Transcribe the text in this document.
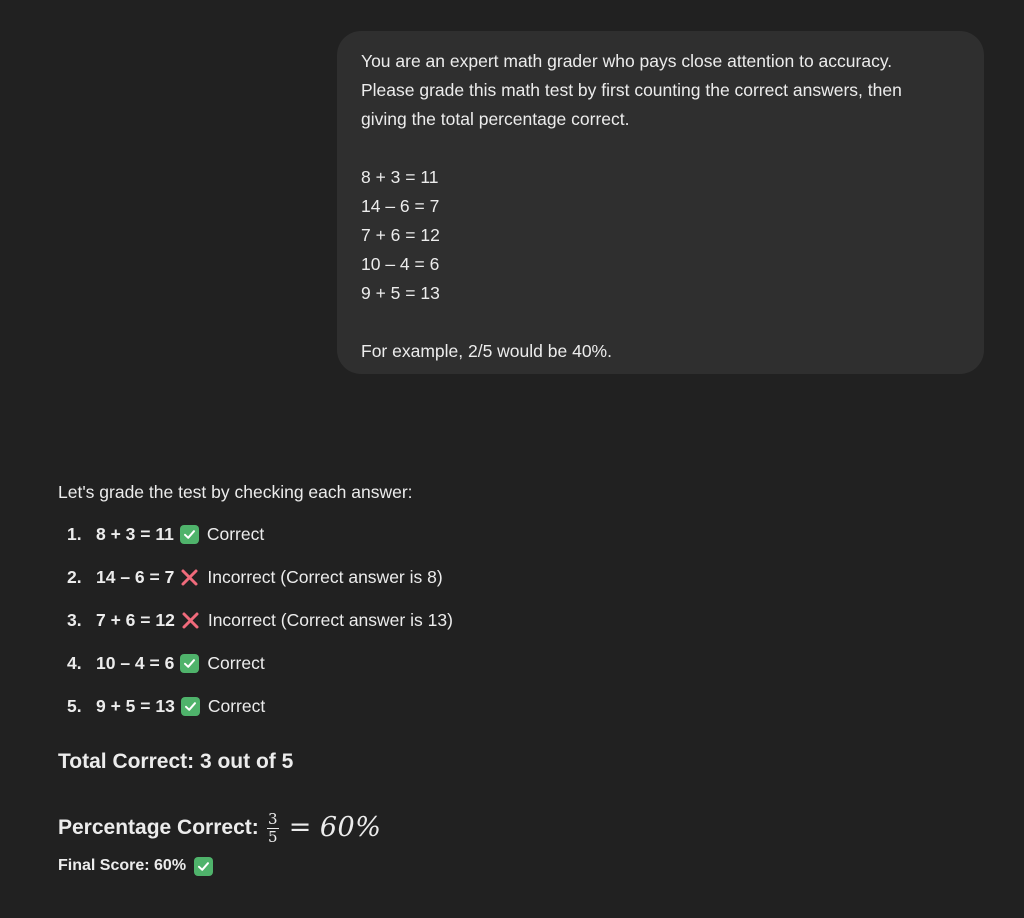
You are an expert math grader who pays close attention to accuracy.

Please grade this math test by first counting the correct answers, then

giving the total percentage correct.

8 + 3 = 11

14 – 6 = 7

7 + 6 = 12

10 – 4 = 6

9 + 5 = 13

For example, 2/5 would be 40%.

Let's grade the test by checking each answer:

1. 8 + 3 = 11 Correct
2. 14 – 6 = 7 Incorrect (Correct answer is 8)
3. 7 + 6 = 12 Incorrect (Correct answer is 13)
4. 10 – 4 = 6 Correct
5. 9 + 5 = 13 Correct

Total Correct: 3 out of 5

Percentage Correct: $\frac{3}{5} = 60\%$
Final Score: 60%
